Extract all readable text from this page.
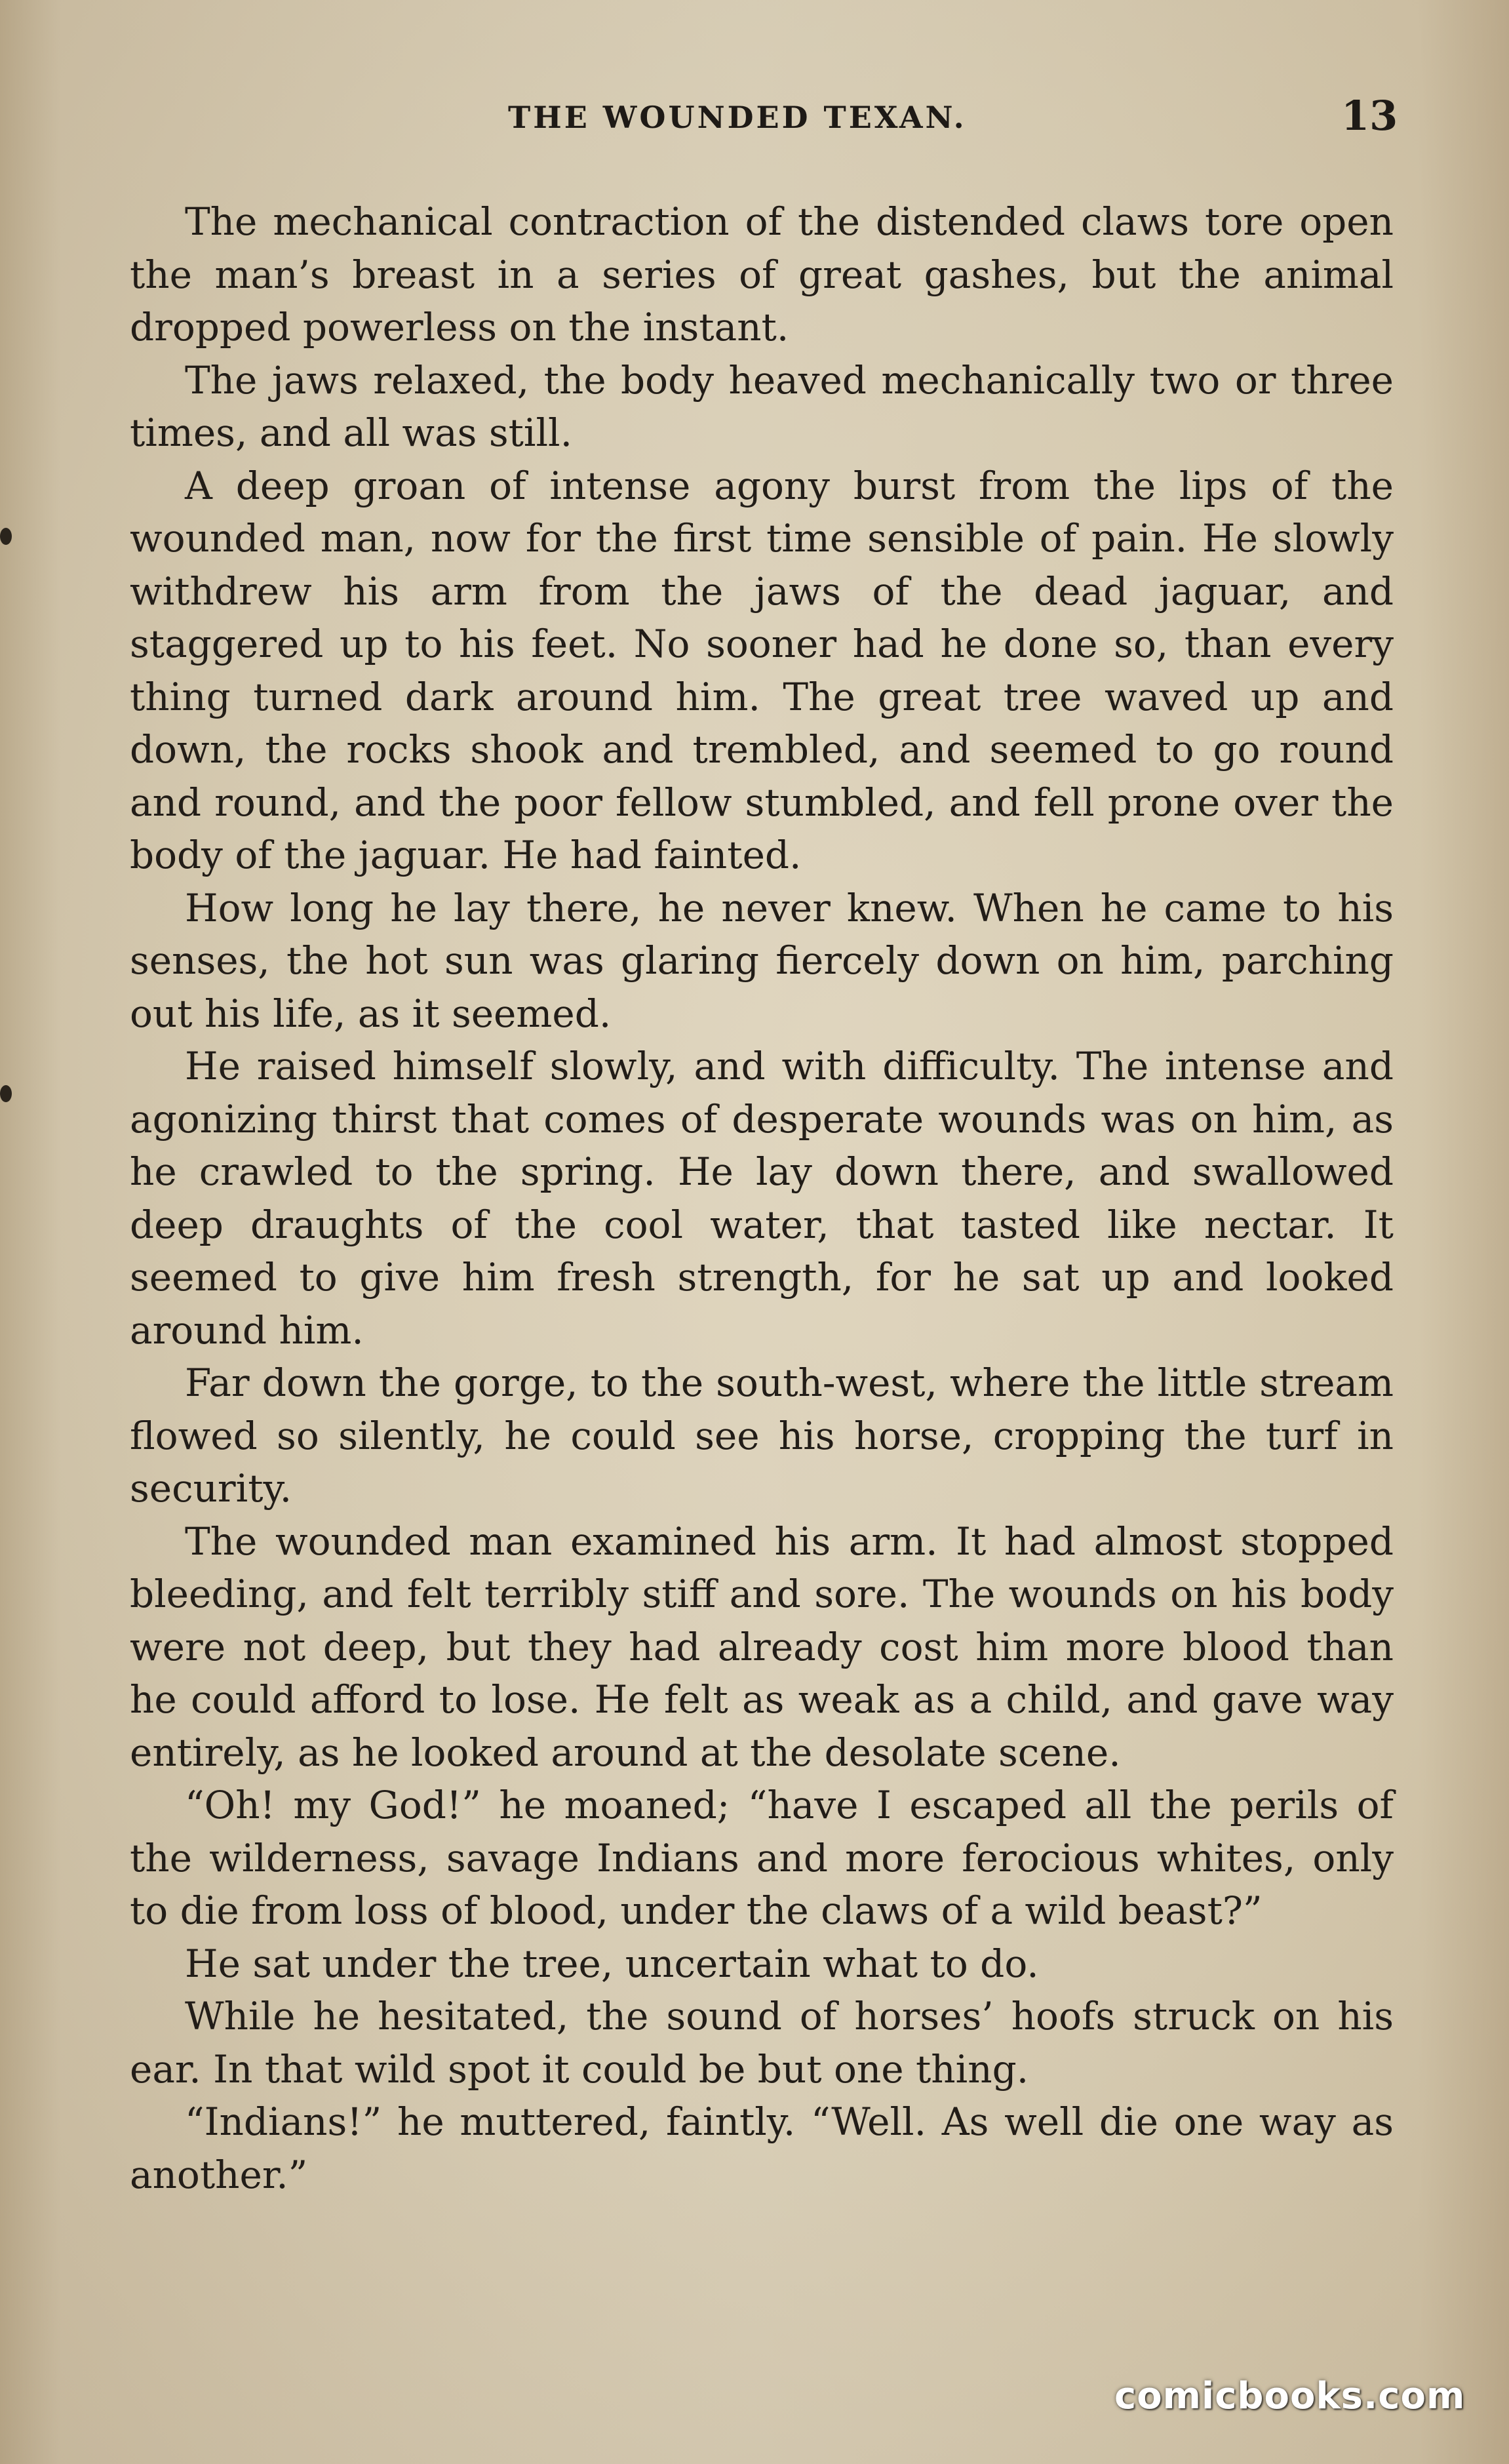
THE WOUNDED TEXAN.	13

The mechanical contraction of the distended claws tore open the man’s breast in a series of great gashes, but the animal dropped powerless on the instant.

The jaws relaxed, the body heaved mechanically two or three times, and all was still.

A deep groan of intense agony burst from the lips of the wounded man, now for the first time sensible of pain. He slowly withdrew his arm from the jaws of the dead jaguar, and staggered up to his feet. No sooner had he done so, than every thing turned dark around him. The great tree waved up and down, the rocks shook and trembled, and seemed to go round and round, and the poor fellow stumbled, and fell prone over the body of the jaguar. He had fainted.

How long he lay there, he never knew. When he came to his senses, the hot sun was glaring fiercely down on him, parching out his life, as it seemed.

He raised himself slowly, and with difficulty. The intense and agonizing thirst that comes of desperate wounds was on him, as he crawled to the spring. He lay down there, and swallowed deep draughts of the cool water, that tasted like nectar. It seemed to give him fresh strength, for he sat up and looked around him.

Far down the gorge, to the south-west, where the little stream flowed so silently, he could see his horse, cropping the turf in security.

The wounded man examined his arm. It had almost stopped bleeding, and felt terribly stiff and sore. The wounds on his body were not deep, but they had already cost him more blood than he could afford to lose. He felt as weak as a child, and gave way entirely, as he looked around at the desolate scene.

“Oh! my God!” he moaned; “have I escaped all the perils of the wilderness, savage Indians and more ferocious whites, only to die from loss of blood, under the claws of a wild beast?”

He sat under the tree, uncertain what to do.

While he hesitated, the sound of horses’ hoofs struck on his ear. In that wild spot it could be but one thing.

“Indians!” he muttered, faintly. “Well. As well die one way as another.”

comicbooks.com
